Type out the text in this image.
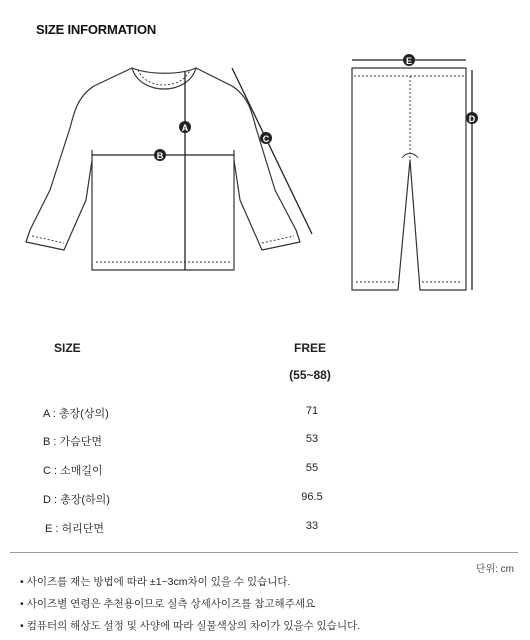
SIZE INFORMATION
A
B
C
D
E
SIZE	FREE
(55~88)
A : 총장(상의)	71
B : 가슴단면	53
C : 소매길이	55
D : 총장(하의)	96.5
E : 허리단면	33
단위: cm
• 사이즈를 재는 방법에 따라 ±1~3cm차이 있을 수 있습니다.
• 사이즈별 연령은 추천용이므로 실측 상세사이즈를 참고해주세요
• 컴퓨터의 해상도 설정 및 사양에 따라 실물색상의 차이가 있을수 있습니다.
